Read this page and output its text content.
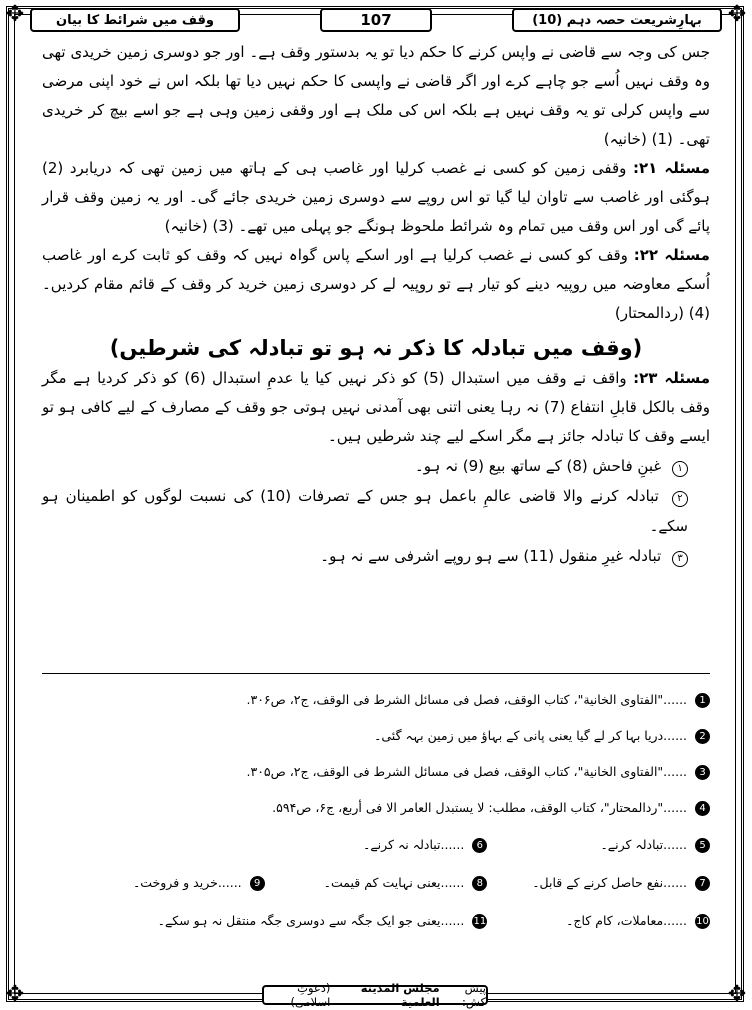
✥	✥
✥	✥
بہارِشریعت حصہ دہم (10)
107
وقف میں شرائط کا بیان

جس کی وجہ سے قاضی نے واپس کرنے کا حکم دیا تو یہ بدستور وقف ہے۔ اور جو دوسری زمین خریدی تھی وہ وقف نہیں اُسے جو چاہے کرے اور اگر قاضی نے واپسی کا حکم نہیں دیا تھا بلکہ اس نے خود اپنی مرضی سے واپس کرلی تو یہ وقف نہیں ہے بلکہ اس کی ملک ہے اور وقفی زمین وہی ہے جو اسے بیچ کر خریدی تھی۔ (1) (خانیہ)

مسئلہ ۲۱: وقفی زمین کو کسی نے غصب کرلیا اور غاصب ہی کے ہاتھ میں زمین تھی کہ دریابرد (2) ہوگئی اور غاصب سے تاوان لیا گیا تو اس روپے سے دوسری زمین خریدی جائے گی۔ اور یہ زمین وقف قرار پائے گی اور اس وقف میں تمام وہ شرائط ملحوظ ہونگے جو پہلی میں تھے۔ (3) (خانیہ)

مسئلہ ۲۲: وقف کو کسی نے غصب کرلیا ہے اور اسکے پاس گواہ نہیں کہ وقف کو ثابت کرے اور غاصب اُسکے معاوضہ میں روپیہ دینے کو تیار ہے تو روپیہ لے کر دوسری زمین خرید کر وقف کے قائم مقام کردیں۔ (4) (ردالمحتار)

(وقف میں تبادلہ کا ذکر نہ ہو تو تبادلہ کی شرطیں)

مسئلہ ۲۳: واقف نے وقف میں استبدال (5) کو ذکر نہیں کیا یا عدمِ استبدال (6) کو ذکر کردیا ہے مگر وقف بالکل قابلِ انتفاع (7) نہ رہا یعنی اتنی بھی آمدنی نہیں ہوتی جو وقف کے مصارف کے لیے کافی ہو تو ایسے وقف کا تبادلہ جائز ہے مگر اسکے لیے چند شرطیں ہیں۔

١ غبنِ فاحش (8) کے ساتھ بیع (9) نہ ہو۔
٢ تبادلہ کرنے والا قاضی عالمِ باعمل ہو جس کے تصرفات (10) کی نسبت لوگوں کو اطمینان ہو سکے۔
٣ تبادلہ غیرِ منقول (11) سے ہو روپے اشرفی سے نہ ہو۔
1 ......"الفتاوی الخانیة"، کتاب الوقف، فصل فی مسائل الشرط فی الوقف، ج۲، ص۳۰۶.
2 ......دریا بہا کر لے گیا یعنی پانی کے بہاؤ میں زمین بہہ گئی۔
3 ......"الفتاوی الخانیة"، کتاب الوقف، فصل فی مسائل الشرط فی الوقف، ج۲، ص۳۰۵.
4 ......"ردالمحتار"، کتاب الوقف، مطلب: لا یستبدل العامر الا فی أربع، ج۶، ص۵۹۴.
5 ......تبادلہ کرنے۔
6 ......تبادلہ نہ کرنے۔
7 ......نفع حاصل کرنے کے قابل۔
8 ......یعنی نہایت کم قیمت۔
9 ......خرید و فروخت۔
10 ......معاملات، کام کاج۔
11 ......یعنی جو ایک جگہ سے دوسری جگہ منتقل نہ ہو سکے۔
پیش کش:
مجلس المدینة العلمیة
(دعوتِ اسلامی)
